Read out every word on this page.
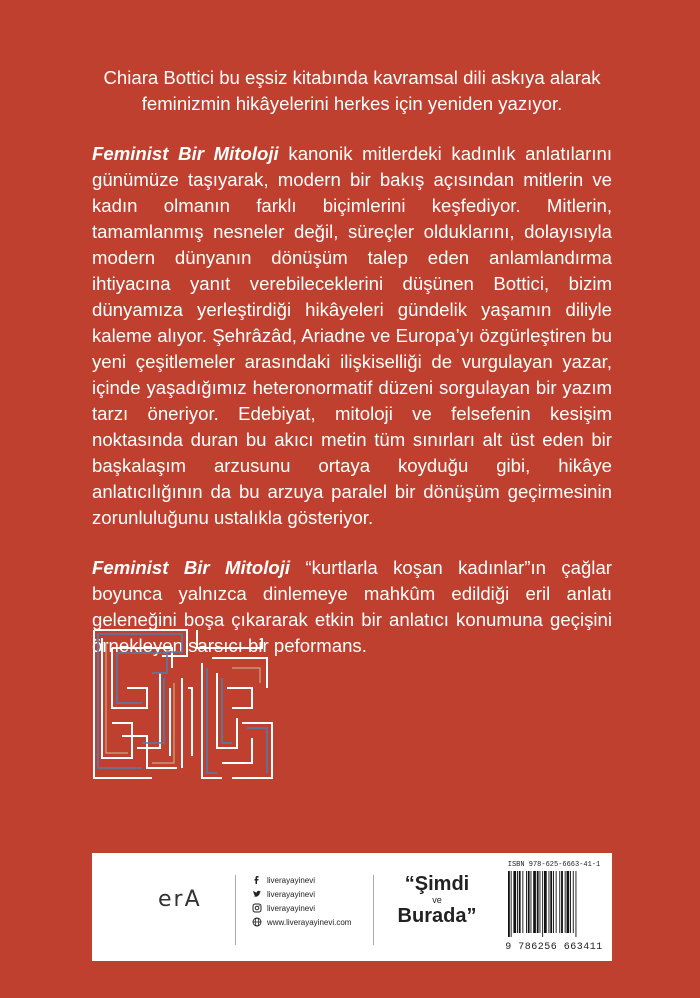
Chiara Bottici bu eşsiz kitabında kavramsal dili askıya alarak
feminizmin hikâyelerini herkes için yeniden yazıyor.

Feminist Bir Mitoloji kanonik mitlerdeki kadınlık anlatılarını günümüze taşıyarak, modern bir bakış açısından mitlerin ve kadın olmanın farklı biçimlerini keşfediyor. Mitlerin, tamamlanmış nesneler değil, süreçler olduklarını, dolayısıyla modern dünyanın dönüşüm talep eden anlamlandırma ihtiyacına yanıt verebileceklerini düşünen Bottici, bizim dünyamıza yerleştirdiği hikâyeleri gündelik yaşamın diliyle kaleme alıyor. Şehrâzâd, Ariadne ve Europa’yı özgürleştiren bu yeni çeşitlemeler arasındaki ilişkiselliği de vurgulayan yazar, içinde yaşadığımız heteronormatif düzeni sorgulayan bir yazım tarzı öneriyor. Edebiyat, mitoloji ve felsefenin kesişim noktasında duran bu akıcı metin tüm sınırları alt üst eden bir başkalaşım arzusunu ortaya koyduğu gibi, hikâye anlatıcılığının da bu arzuya paralel bir dönüşüm geçirmesinin zorunluluğunu ustalıkla gösteriyor.

Feminist Bir Mitoloji “kurtlarla koşan kadınlar”ın çağlar boyunca yalnızca dinlemeye mahkûm edildiği eril anlatı geleneğini boşa çıkararak etkin bir anlatıcı konumuna geçişini örnekleyen sarsıcı bir peformans.

erA
liverayayinevi
liverayayinevi
liverayayinevi
www.liverayayinevi.com
“Şimdi
ve
Burada”
ISBN 978-625-6663-41-1
9 786256 663411
